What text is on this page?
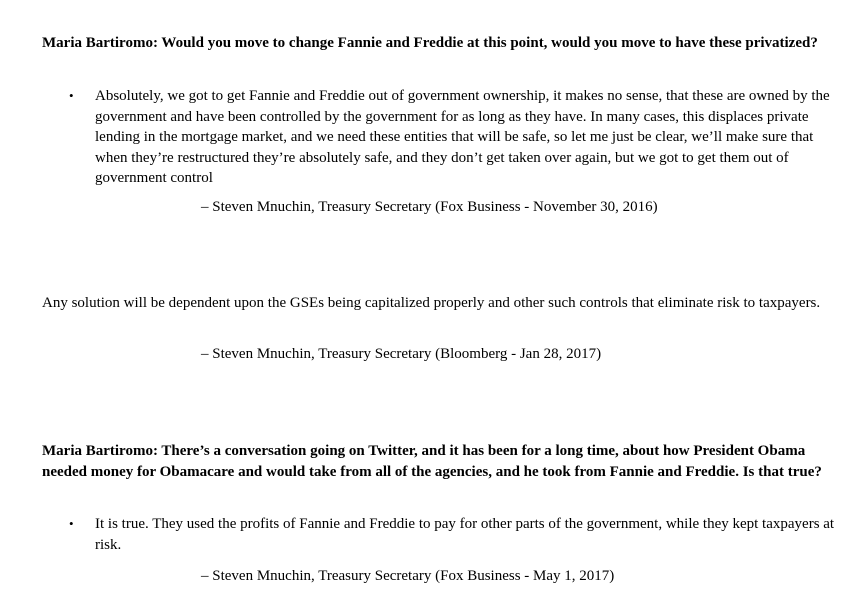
Maria Bartiromo: Would you move to change Fannie and Freddie at this point, would you move to have these privatized?

• Absolutely, we got to get Fannie and Freddie out of government ownership, it makes no sense, that these are owned by the government and have been controlled by the government for as long as they have. In many cases, this displaces private lending in the mortgage market, and we need these entities that will be safe, so let me just be clear, we’ll make sure that when they’re restructured they’re absolutely safe, and they don’t get taken over again, but we got to get them out of government control

– Steven Mnuchin, Treasury Secretary (Fox Business - November 30, 2016)

Any solution will be dependent upon the GSEs being capitalized properly and other such controls that eliminate risk to taxpayers.

– Steven Mnuchin, Treasury Secretary (Bloomberg - Jan 28, 2017)

Maria Bartiromo: There’s a conversation going on Twitter, and it has been for a long time, about how President Obama needed money for Obamacare and would take from all of the agencies, and he took from Fannie and Freddie. Is that true?

• It is true. They used the profits of Fannie and Freddie to pay for other parts of the government, while they kept taxpayers at risk.

– Steven Mnuchin, Treasury Secretary (Fox Business - May 1, 2017)
